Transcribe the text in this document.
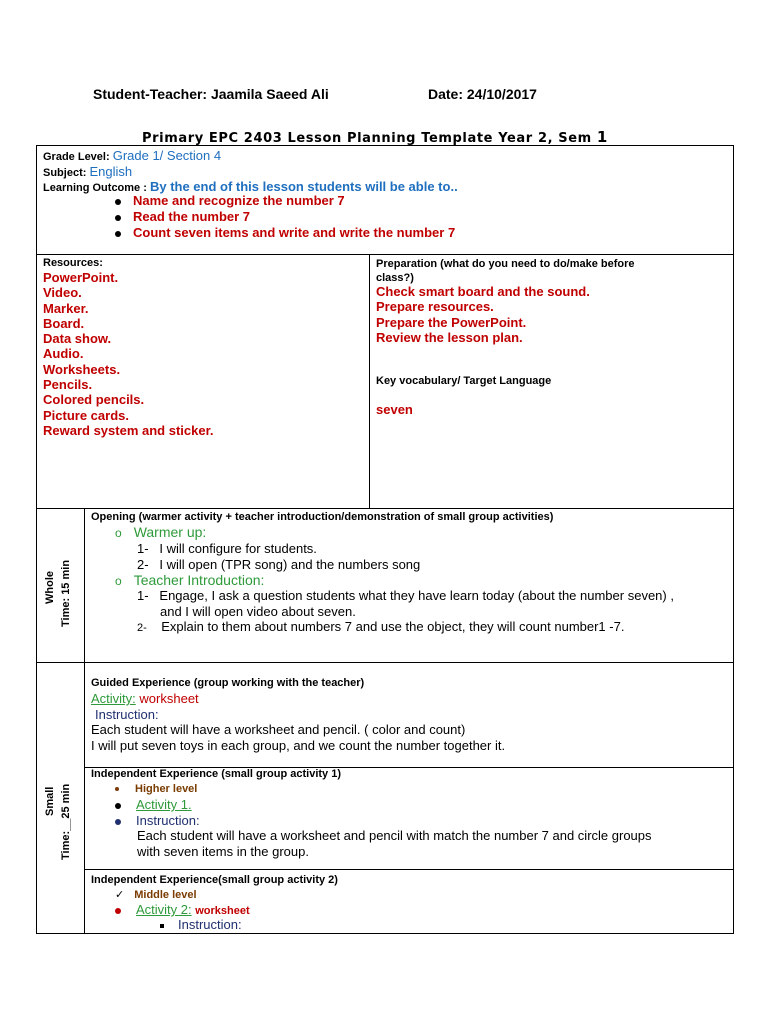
Student-Teacher: Jaamila Saeed Ali	Date: 24/10/2017
Primary EPC 2403 Lesson Planning Template Year 2, Sem 1
Grade Level: Grade 1/ Section 4
Subject: English
Learning Outcome : By the end of this lesson students will be able to..
Name and recognize the number 7
Read the number 7
Count seven items and write and write the number 7
Resources:
PowerPoint.
Video.
Marker.
Board.
Data show.
Audio.
Worksheets.
Pencils.
Colored pencils.
Picture cards.
Reward system and sticker.
Preparation (what do you need to do/make before
class?)
Check smart board and the sound.
Prepare resources.
Prepare the PowerPoint.
Review the lesson plan.
Key vocabulary/ Target Language
seven
Whole Time: 15 min
Opening (warmer activity + teacher introduction/demonstration of small group activities)
o Warmer up:
1- I will configure for students.
2- I will open (TPR song) and the numbers song
o Teacher Introduction:
1- Engage, I ask a question students what they have learn today (about the number seven) ,
and I will open video about seven.
2- Explain to them about numbers 7 and use the object, they will count number1 -7.
Small Time:__25 min
Guided Experience (group working with the teacher)
Activity: worksheet
Instruction:
Each student will have a worksheet and pencil. ( color and count)
I will put seven toys in each group, and we count the number together it.
Independent Experience (small group activity 1)
Higher level
Activity 1.
Instruction:
Each student will have a worksheet and pencil with match the number 7 and circle groups
with seven items in the group.
Independent Experience(small group activity 2)
✓ Middle level
Activity 2: worksheet
Instruction:
